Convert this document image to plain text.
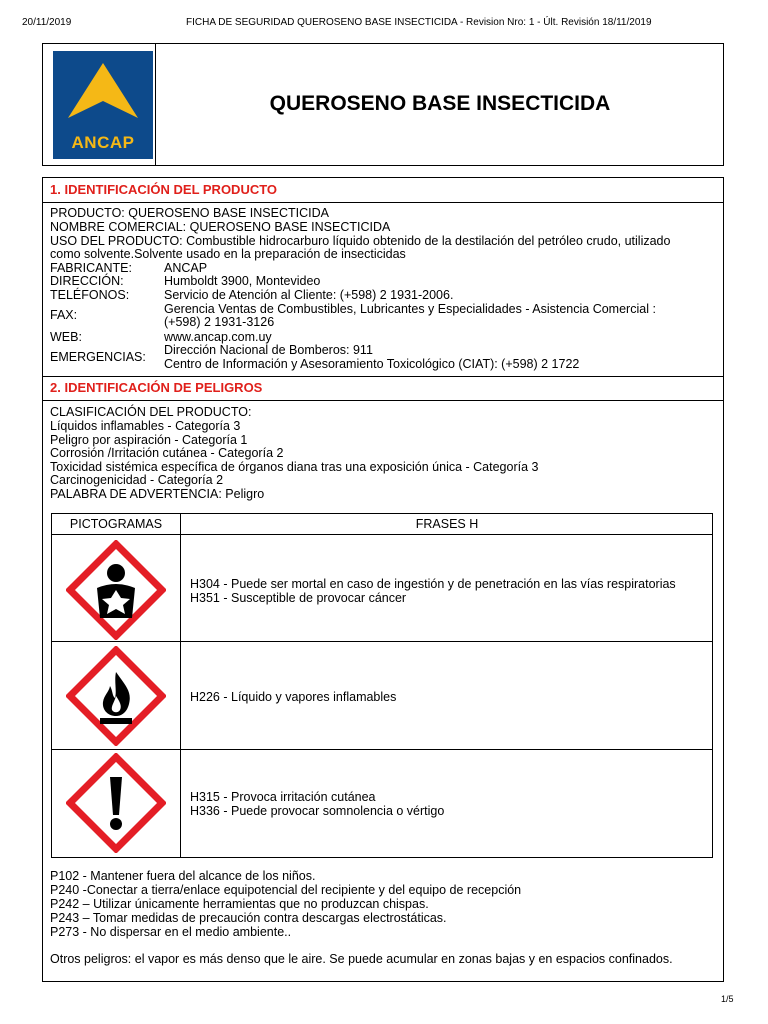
20/11/2019	FICHA DE SEGURIDAD QUEROSENO BASE INSECTICIDA - Revision Nro: 1 - Últ. Revisión 18/11/2019
ANCAP
QUEROSENO BASE INSECTICIDA
1. IDENTIFICACIÓN DEL PRODUCTO
PRODUCTO: QUEROSENO BASE INSECTICIDA
NOMBRE COMERCIAL: QUEROSENO BASE INSECTICIDA
USO DEL PRODUCTO: Combustible hidrocarburo líquido obtenido de la destilación del petróleo crudo, utilizado
como solvente.Solvente usado en la preparación de insecticidas
FABRICANTE:	ANCAP
DIRECCIÓN:	Humboldt 3900, Montevideo
TELÉFONOS:	Servicio de Atención al Cliente: (+598) 2 1931-2006.
FAX:	Gerencia Ventas de Combustibles, Lubricantes y Especialidades - Asistencia Comercial :
(+598) 2 1931-3126
WEB:	www.ancap.com.uy
EMERGENCIAS: Dirección Nacional de Bomberos: 911
Centro de Información y Asesoramiento Toxicológico (CIAT): (+598) 2 1722
2. IDENTIFICACIÓN DE PELIGROS
CLASIFICACIÓN DEL PRODUCTO:
Líquidos inflamables - Categoría 3
Peligro por aspiración - Categoría 1
Corrosión /Irritación cutánea - Categoría 2
Toxicidad sistémica específica de órganos diana tras una exposición única - Categoría 3
Carcinogenicidad - Categoría 2
PALABRA DE ADVERTENCIA: Peligro
PICTOGRAMAS	FRASES H
H304 - Puede ser mortal en caso de ingestión y de penetración en las vías respiratorias
H351 - Susceptible de provocar cáncer
H226 - Líquido y vapores inflamables
H315 - Provoca irritación cutánea
H336 - Puede provocar somnolencia o vértigo
P102 - Mantener fuera del alcance de los niños.
P240 -Conectar a tierra/enlace equipotencial del recipiente y del equipo de recepción
P242 – Utilizar únicamente herramientas que no produzcan chispas.
P243 – Tomar medidas de precaución contra descargas electrostáticas.
P273 - No dispersar en el medio ambiente..
Otros peligros: el vapor es más denso que le aire. Se puede acumular en zonas bajas y en espacios confinados.
1/5
